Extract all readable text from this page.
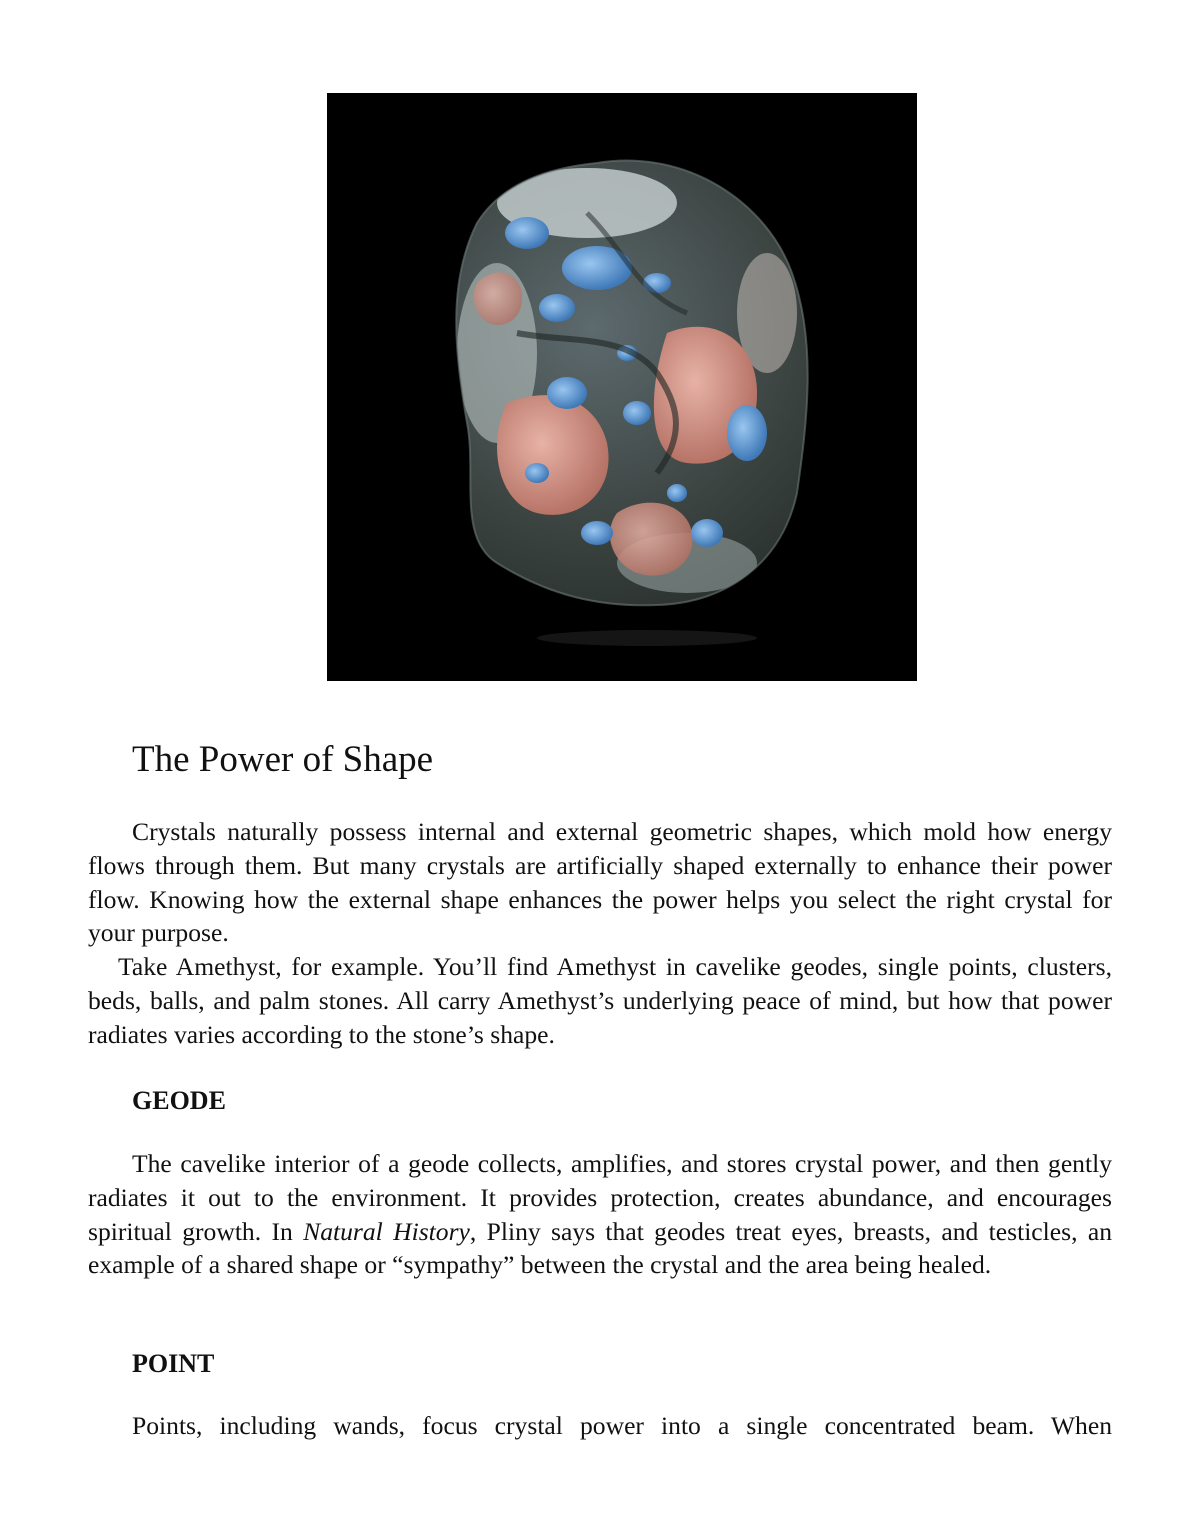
The Power of Shape

Crystals naturally possess internal and external geometric shapes, which mold how energy flows through them. But many crystals are artificially shaped externally to enhance their power flow. Knowing how the external shape enhances the power helps you select the right crystal for your purpose.

Take Amethyst, for example. You’ll find Amethyst in cavelike geodes, single points, clusters, beds, balls, and palm stones. All carry Amethyst’s underlying peace of mind, but how that power radiates varies according to the stone’s shape.

GEODE

The cavelike interior of a geode collects, amplifies, and stores crystal power, and then gently radiates it out to the environment. It provides protection, creates abundance, and encourages spiritual growth. In Natural History, Pliny says that geodes treat eyes, breasts, and testicles, an example of a shared shape or “sympathy” between the crystal and the area being healed.

POINT

Points, including wands, focus crystal power into a single concentrated beam. When
